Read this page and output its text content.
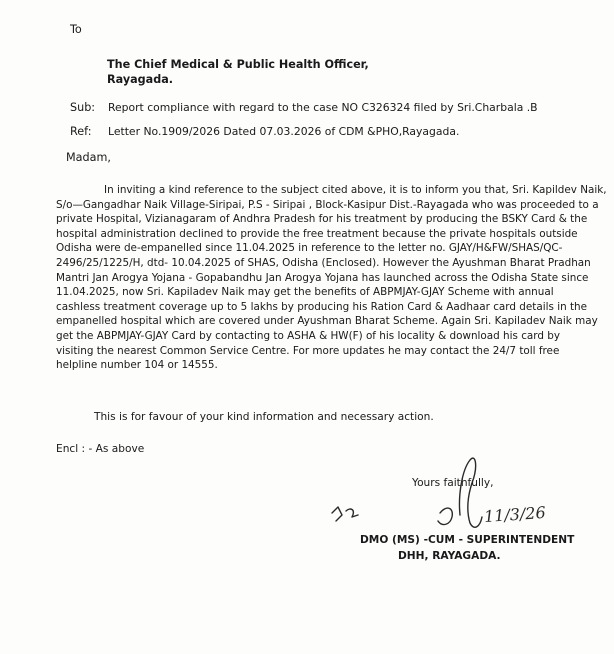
To
The Chief Medical & Public Health Officer,
Rayagada.
Sub: Report compliance with regard to the case NO C326324 filed by Sri.Charbala .B
Ref: Letter No.1909/2026 Dated 07.03.2026 of CDM &PHO,Rayagada.
Madam,
In inviting a kind reference to the subject cited above, it is to inform you that, Sri. Kapildev Naik,
S/o—Gangadhar Naik Village-Siripai, P.S - Siripai , Block-Kasipur Dist.-Rayagada who was proceeded to a
private Hospital, Vizianagaram of Andhra Pradesh for his treatment by producing the BSKY Card & the
hospital administration declined to provide the free treatment because the private hospitals outside
Odisha were de-empanelled since 11.04.2025 in reference to the letter no. GJAY/H&FW/SHAS/QC-
2496/25/1225/H, dtd- 10.04.2025 of SHAS, Odisha (Enclosed). However the Ayushman Bharat Pradhan
Mantri Jan Arogya Yojana - Gopabandhu Jan Arogya Yojana has launched across the Odisha State since
11.04.2025, now Sri. Kapiladev Naik may get the benefits of ABPMJAY-GJAY Scheme with annual
cashless treatment coverage up to 5 lakhs by producing his Ration Card & Aadhaar card details in the
empanelled hospital which are covered under Ayushman Bharat Scheme. Again Sri. Kapiladev Naik may
get the ABPMJAY-GJAY Card by contacting to ASHA & HW(F) of his locality & download his card by
visiting the nearest Common Service Centre. For more updates he may contact the 24/7 toll free
helpline number 104 or 14555.
This is for favour of your kind information and necessary action.
Encl : - As above
Yours faithfully,
11/3/26
DMO (MS) -CUM - SUPERINTENDENT
DHH, RAYAGADA.
